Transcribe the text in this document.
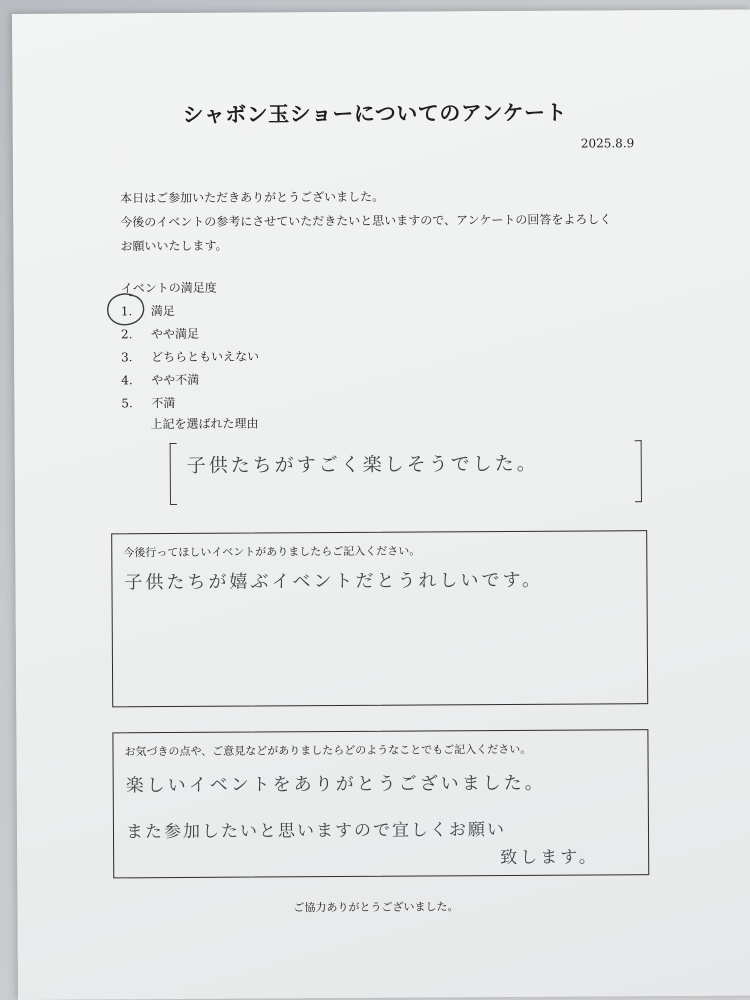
シャボン玉ショーについてのアンケート
2025.8.9
本日はご参加いただきありがとうございました。
今後のイベントの参考にさせていただきたいと思いますので、アンケートの回答をよろしく
お願いいたします。
イベントの満足度
1. 満足
2. やや満足
3. どちらともいえない
4. やや不満
5. 不満
上記を選ばれた理由
子供たちがすごく楽しそうでした。
今後行ってほしいイベントがありましたらご記入ください。
子供たちが嬉ぶイベントだとうれしいです。
お気づきの点や、ご意見などがありましたらどのようなことでもご記入ください。
楽しいイベントをありがとうございました。
また参加したいと思いますので宜しくお願い
致します。
ご協力ありがとうございました。
